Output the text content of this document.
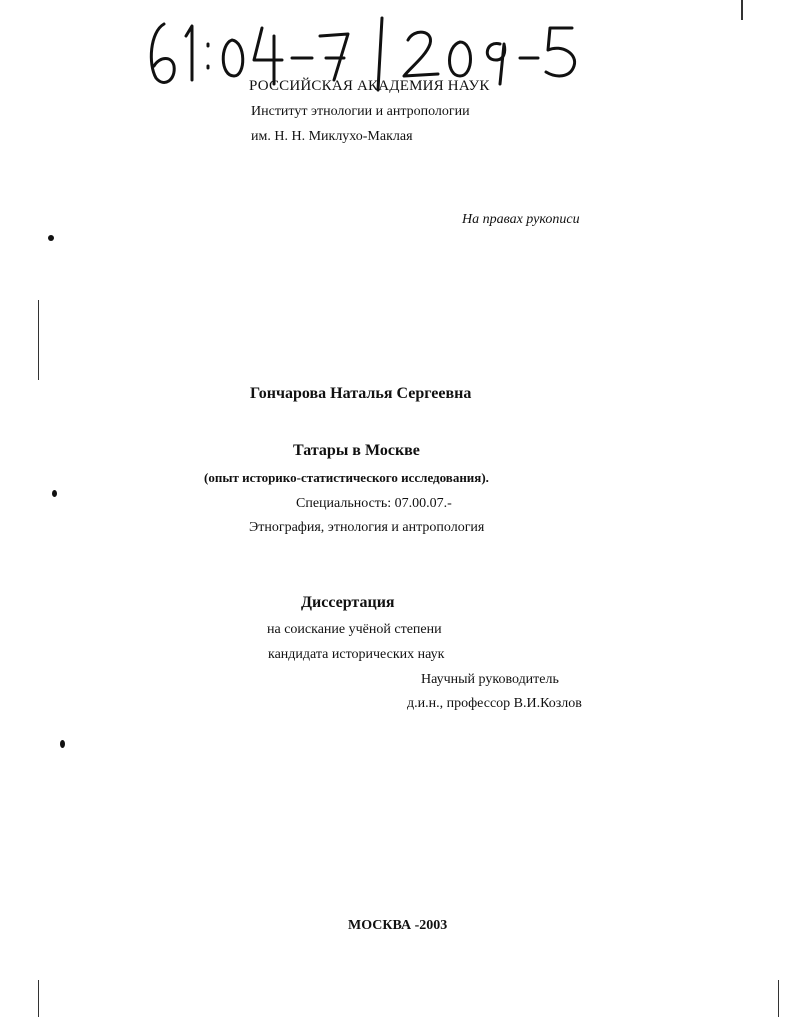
РОССИЙСКАЯ АКАДЕМИЯ НАУК
Институт этнологии и антропологии
им. Н. Н. Миклухо-Маклая
На правах рукописи
Гончарова Наталья Сергеевна
Татары в Москве
(опыт историко-статистического исследования).
Специальность: 07.00.07.-
Этнография, этнология и антропология
Диссертация
на соискание учёной степени
кандидата исторических наук
Научный руководитель
д.и.н., профессор В.И.Козлов
МОСКВА -2003
